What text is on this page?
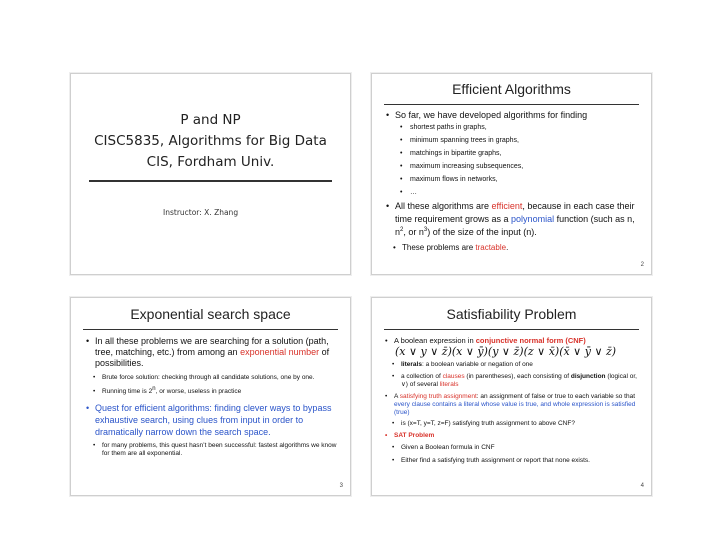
P and NP
CISC5835, Algorithms for Big Data
CIS, Fordham Univ.
Instructor: X. Zhang
Efficient Algorithms

• So far, we have developed algorithms for finding

• shortest paths in graphs,

• minimum spanning trees in graphs,

• matchings in bipartite graphs,

• maximum increasing subsequences,

• maximum flows in networks,

• …

• All these algorithms are efficient, because in each case their time requirement grows as a polynomial function (such as n, $n^2$, or $n^3$) of the size of the input (n).

• These problems are tractable.

2
Exponential search space

• In all these problems we are searching for a solution (path, tree, matching, etc.) from among an exponential number of possibilities.

• Brute force solution: checking through all candidate solutions, one by one.

• Running time is 2$^n$, or worse, useless in practice

• Quest for efficient algorithms: finding clever ways to bypass exhaustive search, using clues from input in order to dramatically narrow down the search space.

• for many problems, this quest hasn’t been successful: fastest algorithms we know for them are all exponential.

3
Satisfiability Problem

• A boolean expression in conjunctive normal form (CNF)

(x ∨ y ∨ z̄)(x ∨ ȳ)(y ∨ z̄)(z ∨ x̄)(x̄ ∨ ȳ ∨ z̄)

• literals: a boolean variable or negation of one

• a collection of clauses (in parentheses), each consisting of disjunction (logical or, ∨) of several literals

• A satisfying truth assignment: an assignment of false or true to each variable so that every clause contains a literal whose value is true, and whole expression is satisfied (true)

• is (x=T, y=T, z=F) satisfying truth assignment to above CNF?

• SAT Problem

• Given a Boolean formula in CNF

• Either find a satisfying truth assignment or report that none exists.

4
